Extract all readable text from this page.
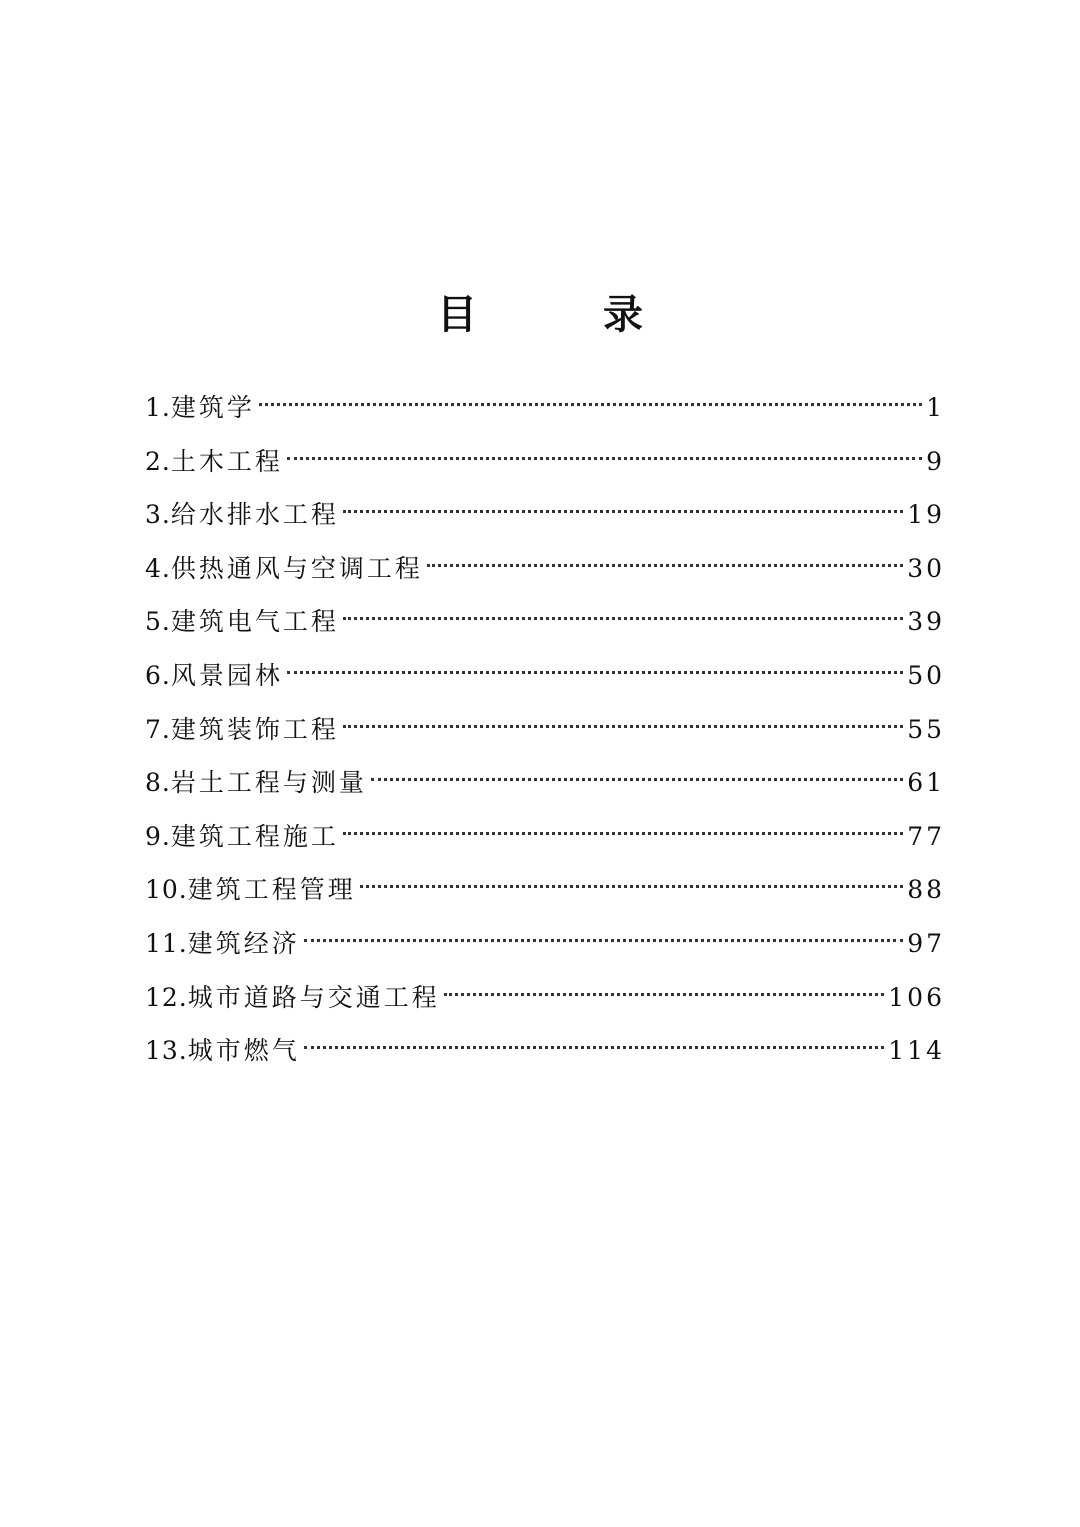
目 录
1.建筑学	1
2.土木工程	9
3.给水排水工程	19
4.供热通风与空调工程	30
5.建筑电气工程	39
6.风景园林	50
7.建筑装饰工程	55
8.岩土工程与测量	61
9.建筑工程施工	77
10.建筑工程管理	88
11.建筑经济	97
12.城市道路与交通工程	106
13.城市燃气	114
